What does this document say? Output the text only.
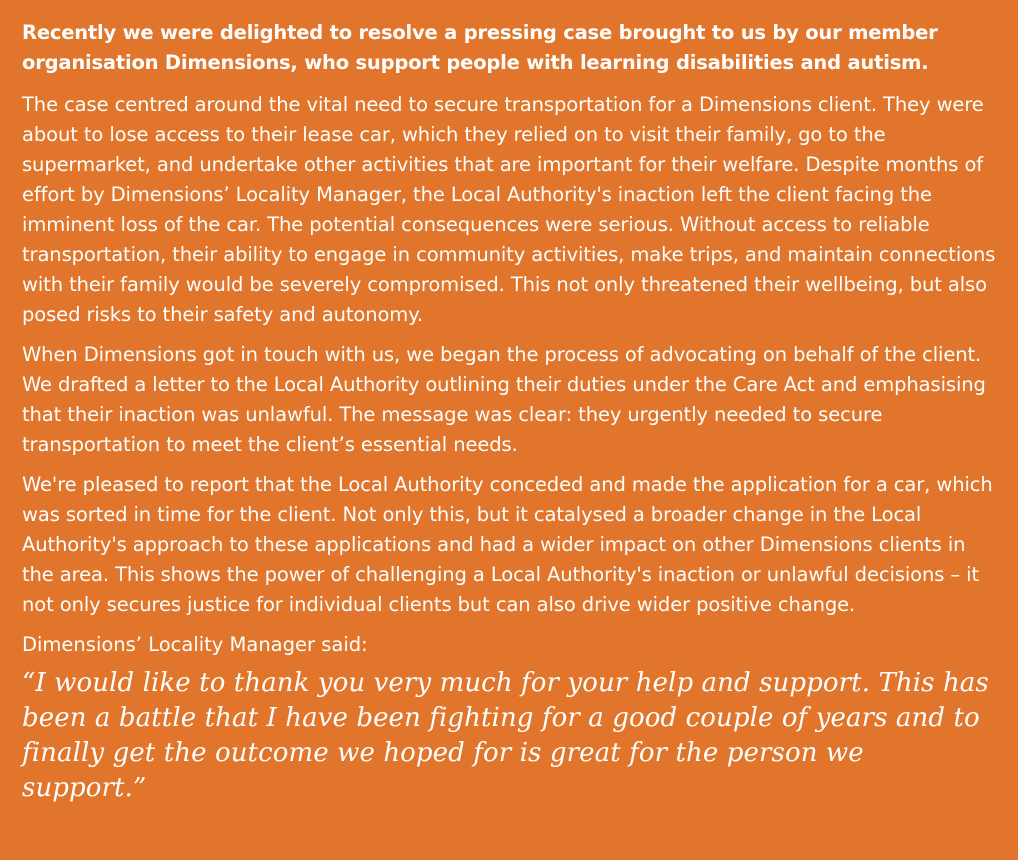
Recently we were delighted to resolve a pressing case brought to us by our member organisation Dimensions, who support people with learning disabilities and autism.

The case centred around the vital need to secure transportation for a Dimensions client. They were about to lose access to their lease car, which they relied on to visit their family, go to the supermarket, and undertake other activities that are important for their welfare. Despite months of effort by Dimensions’ Locality Manager, the Local Authority's inaction left the client facing the imminent loss of the car. The potential consequences were serious. Without access to reliable transportation, their ability to engage in community activities, make trips, and maintain connections with their family would be severely compromised. This not only threatened their wellbeing, but also posed risks to their safety and autonomy.

When Dimensions got in touch with us, we began the process of advocating on behalf of the client. We drafted a letter to the Local Authority outlining their duties under the Care Act and emphasising that their inaction was unlawful. The message was clear: they urgently needed to secure transportation to meet the client’s essential needs.

We're pleased to report that the Local Authority conceded and made the application for a car, which was sorted in time for the client. Not only this, but it catalysed a broader change in the Local Authority's approach to these applications and had a wider impact on other Dimensions clients in the area. This shows the power of challenging a Local Authority's inaction or unlawful decisions – it not only secures justice for individual clients but can also drive wider positive change.

Dimensions’ Locality Manager said:

“I would like to thank you very much for your help and support. This has been a battle that I have been fighting for a good couple of years and to finally get the outcome we hoped for is great for the person we support.”
